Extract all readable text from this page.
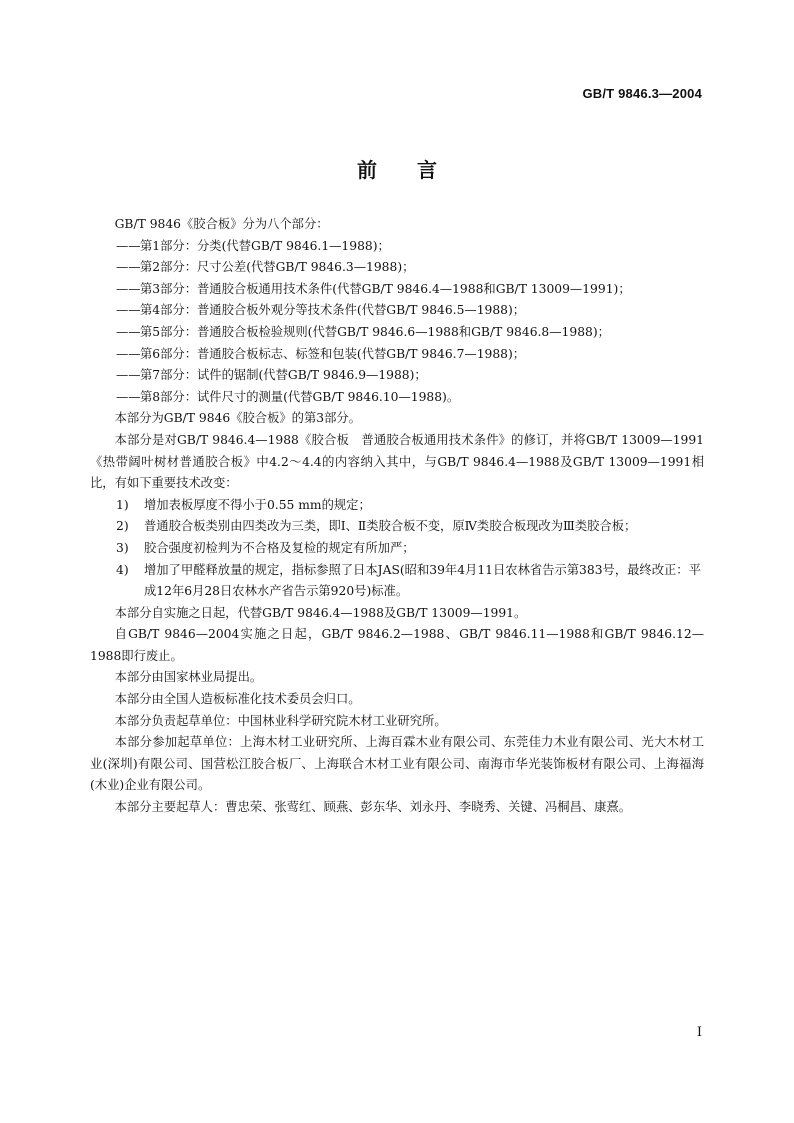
GB/T 9846.3—2004
前言

GB/T 9846《胶合板》分为八个部分：

——第1部分：分类(代替GB/T 9846.1—1988)；

——第2部分：尺寸公差(代替GB/T 9846.3—1988)；

——第3部分：普通胶合板通用技术条件(代替GB/T 9846.4—1988和GB/T 13009—1991)；

——第4部分：普通胶合板外观分等技术条件(代替GB/T 9846.5—1988)；

——第5部分：普通胶合板检验规则(代替GB/T 9846.6—1988和GB/T 9846.8—1988)；

——第6部分：普通胶合板标志、标签和包装(代替GB/T 9846.7—1988)；

——第7部分：试件的锯制(代替GB/T 9846.9—1988)；

——第8部分：试件尺寸的测量(代替GB/T 9846.10—1988)。

本部分为GB/T 9846《胶合板》的第3部分。

本部分是对GB/T 9846.4—1988《胶合板　普通胶合板通用技术条件》的修订，并将GB/T 13009—1991《热带阔叶树材普通胶合板》中4.2～4.4的内容纳入其中，与GB/T 9846.4—1988及GB/T 13009—1991相比，有如下重要技术改变：

1) 增加表板厚度不得小于0.55 mm的规定；

2) 普通胶合板类别由四类改为三类，即Ⅰ、Ⅱ类胶合板不变，原Ⅳ类胶合板现改为Ⅲ类胶合板；

3) 胶合强度初检判为不合格及复检的规定有所加严；

4) 增加了甲醛释放量的规定，指标参照了日本JAS(昭和39年4月11日农林省告示第383号，最终改正：平成12年6月28日农林水产省告示第920号)标准。

本部分自实施之日起，代替GB/T 9846.4—1988及GB/T 13009—1991。

自GB/T 9846—2004实施之日起，GB/T 9846.2—1988、GB/T 9846.11—1988和GB/T 9846.12—1988即行废止。

本部分由国家林业局提出。

本部分由全国人造板标准化技术委员会归口。

本部分负责起草单位：中国林业科学研究院木材工业研究所。

本部分参加起草单位：上海木材工业研究所、上海百霖木业有限公司、东莞佳力木业有限公司、光大木材工业(深圳)有限公司、国营松江胶合板厂、上海联合木材工业有限公司、南海市华光装饰板材有限公司、上海福海(木业)企业有限公司。

本部分主要起草人：曹忠荣、张莺红、顾燕、彭东华、刘永丹、李晓秀、关键、冯桐昌、康熹。

I
